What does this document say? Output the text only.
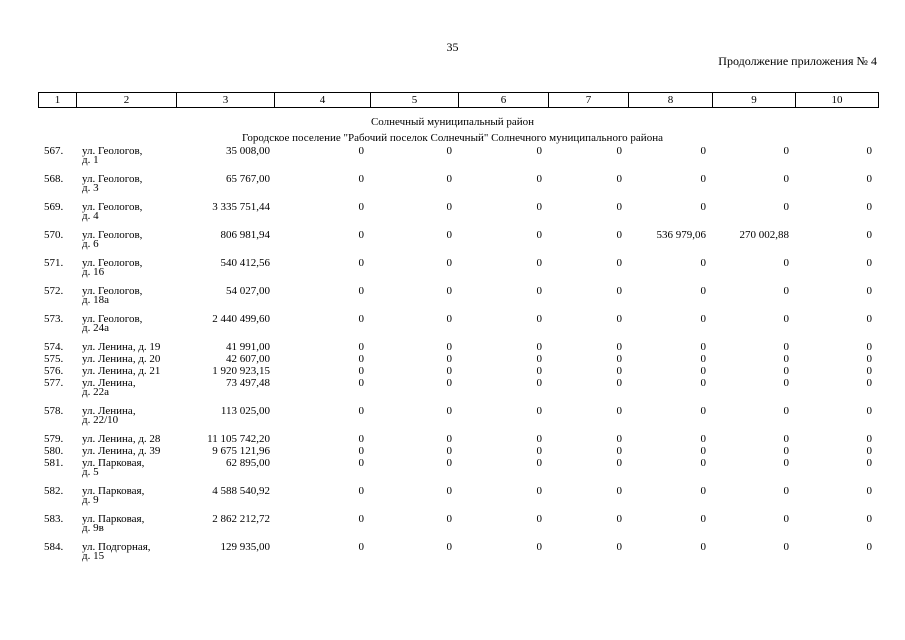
35
Продолжение приложения № 4
1	2	3	4	5	6	7	8	9	10
Солнечный муниципальный район
Городское поселение "Рабочий поселок Солнечный" Солнечного муниципального района
567.	ул. Геологов,
д. 1	35 008,00	0	0	0	0	0	0	0
568.	ул. Геологов,
д. 3	65 767,00	0	0	0	0	0	0	0
569.	ул. Геологов,
д. 4	3 335 751,44	0	0	0	0	0	0	0
570.	ул. Геологов,
д. 6	806 981,94	0	0	0	0	536 979,06	270 002,88	0
571.	ул. Геологов,
д. 16	540 412,56	0	0	0	0	0	0	0
572.	ул. Геологов,
д. 18а	54 027,00	0	0	0	0	0	0	0
573.	ул. Геологов,
д. 24а	2 440 499,60	0	0	0	0	0	0	0
574.	ул. Ленина, д. 19	41 991,00	0	0	0	0	0	0	0
575.	ул. Ленина, д. 20	42 607,00	0	0	0	0	0	0	0
576.	ул. Ленина, д. 21	1 920 923,15	0	0	0	0	0	0	0
577.	ул. Ленина,
д. 22а	73 497,48	0	0	0	0	0	0	0
578.	ул. Ленина,
д. 22/10	113 025,00	0	0	0	0	0	0	0
579.	ул. Ленина, д. 28	11 105 742,20	0	0	0	0	0	0	0
580.	ул. Ленина, д. 39	9 675 121,96	0	0	0	0	0	0	0
581.	ул. Парковая,
д. 5	62 895,00	0	0	0	0	0	0	0
582.	ул. Парковая,
д. 9	4 588 540,92	0	0	0	0	0	0	0
583.	ул. Парковая,
д. 9в	2 862 212,72	0	0	0	0	0	0	0
584.	ул. Подгорная,
д. 15	129 935,00	0	0	0	0	0	0	0
